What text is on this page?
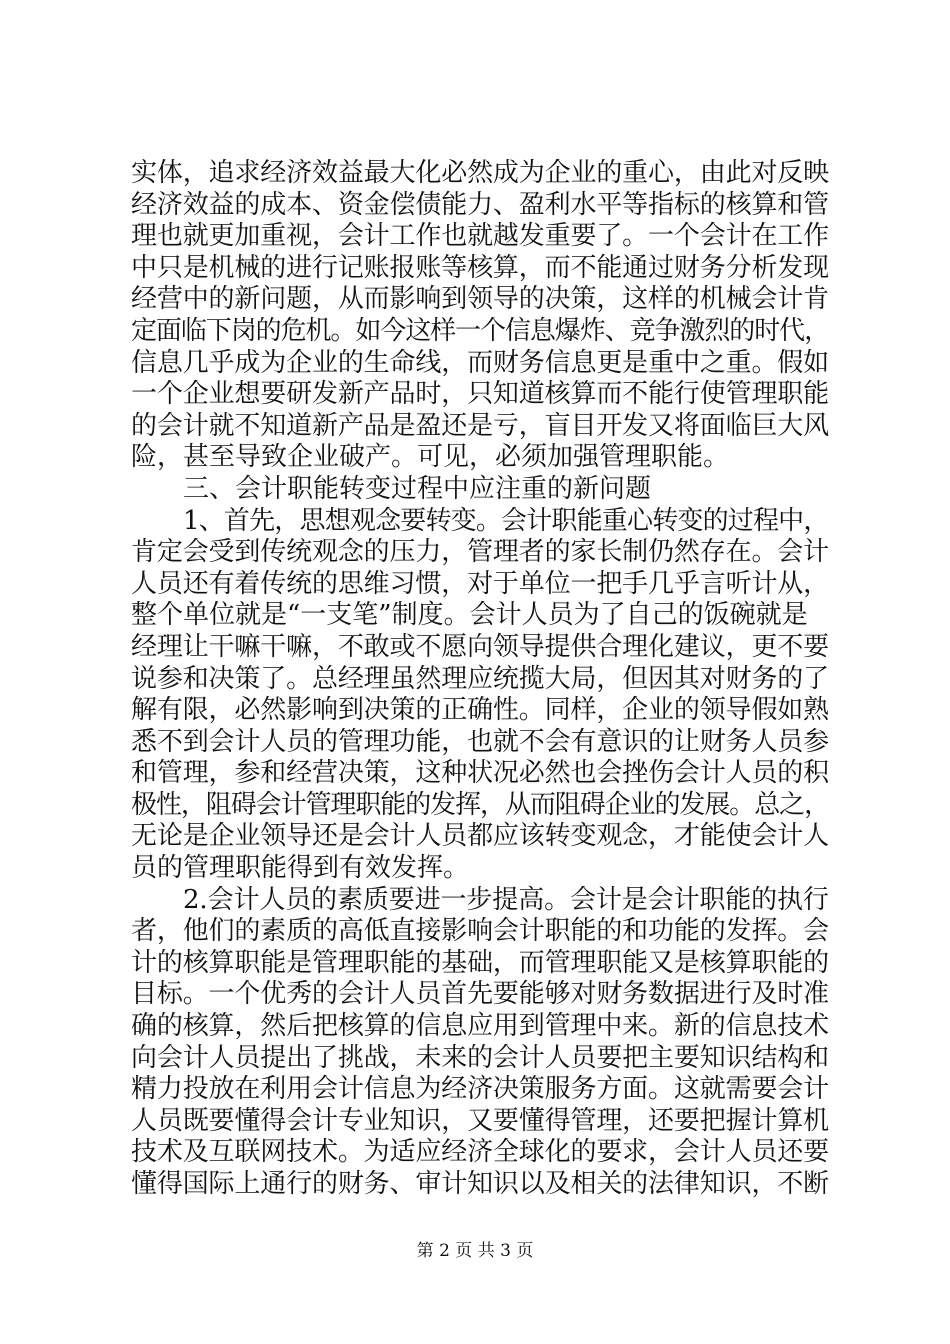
实体，追求经济效益最大化必然成为企业的重心，由此对反映
经济效益的成本、资金偿债能力、盈利水平等指标的核算和管
理也就更加重视，会计工作也就越发重要了。一个会计在工作
中只是机械的进行记账报账等核算，而不能通过财务分析发现
经营中的新问题，从而影响到领导的决策，这样的机械会计肯
定面临下岗的危机。如今这样一个信息爆炸、竞争激烈的时代，
信息几乎成为企业的生命线，而财务信息更是重中之重。假如
一个企业想要研发新产品时，只知道核算而不能行使管理职能
的会计就不知道新产品是盈还是亏，盲目开发又将面临巨大风
险，甚至导致企业破产。可见，必须加强管理职能。
三、会计职能转变过程中应注重的新问题
1、首先，思想观念要转变。会计职能重心转变的过程中，
肯定会受到传统观念的压力，管理者的家长制仍然存在。会计
人员还有着传统的思维习惯，对于单位一把手几乎言听计从，
整个单位就是“一支笔”制度。会计人员为了自己的饭碗就是
经理让干嘛干嘛，不敢或不愿向领导提供合理化建议，更不要
说参和决策了。总经理虽然理应统揽大局，但因其对财务的了
解有限，必然影响到决策的正确性。同样，企业的领导假如熟
悉不到会计人员的管理功能，也就不会有意识的让财务人员参
和管理，参和经营决策，这种状况必然也会挫伤会计人员的积
极性，阻碍会计管理职能的发挥，从而阻碍企业的发展。总之，
无论是企业领导还是会计人员都应该转变观念，才能使会计人
员的管理职能得到有效发挥。
2.会计人员的素质要进一步提高。会计是会计职能的执行
者，他们的素质的高低直接影响会计职能的和功能的发挥。会
计的核算职能是管理职能的基础，而管理职能又是核算职能的
目标。一个优秀的会计人员首先要能够对财务数据进行及时准
确的核算，然后把核算的信息应用到管理中来。新的信息技术
向会计人员提出了挑战，未来的会计人员要把主要知识结构和
精力投放在利用会计信息为经济决策服务方面。这就需要会计
人员既要懂得会计专业知识，又要懂得管理，还要把握计算机
技术及互联网技术。为适应经济全球化的要求，会计人员还要
懂得国际上通行的财务、审计知识以及相关的法律知识，不断
第 2 页 共 3 页
